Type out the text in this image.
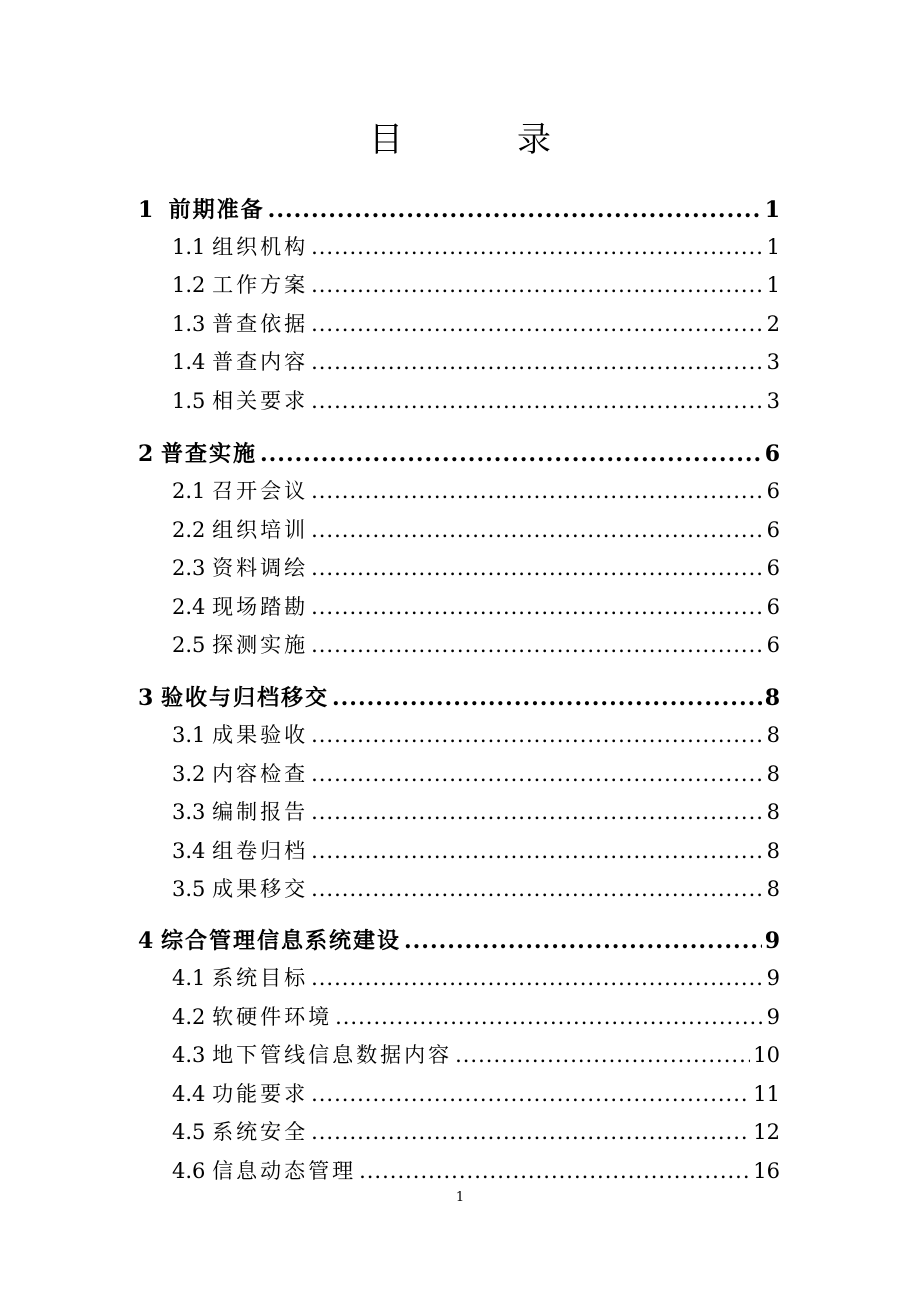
目　录
1 前期准备 .....	1
1.1 组织机构 .....	1
1.2 工作方案 .....	1
1.3 普查依据 .....	2
1.4 普查内容 .....	3
1.5 相关要求 .....	3
2 普查实施 .....	6
2.1 召开会议 .....	6
2.2 组织培训 .....	6
2.3 资料调绘 .....	6
2.4 现场踏勘 .....	6
2.5 探测实施 .....	6
3 验收与归档移交 .....	8
3.1 成果验收 .....	8
3.2 内容检查 .....	8
3.3 编制报告 .....	8
3.4 组卷归档 .....	8
3.5 成果移交 .....	8
4 综合管理信息系统建设 .....	9
4.1 系统目标 .....	9
4.2 软硬件环境 .....	9
4.3 地下管线信息数据内容 .....	10
4.4 功能要求 .....	11
4.5 系统安全 .....	12
4.6 信息动态管理 .....	16
1
